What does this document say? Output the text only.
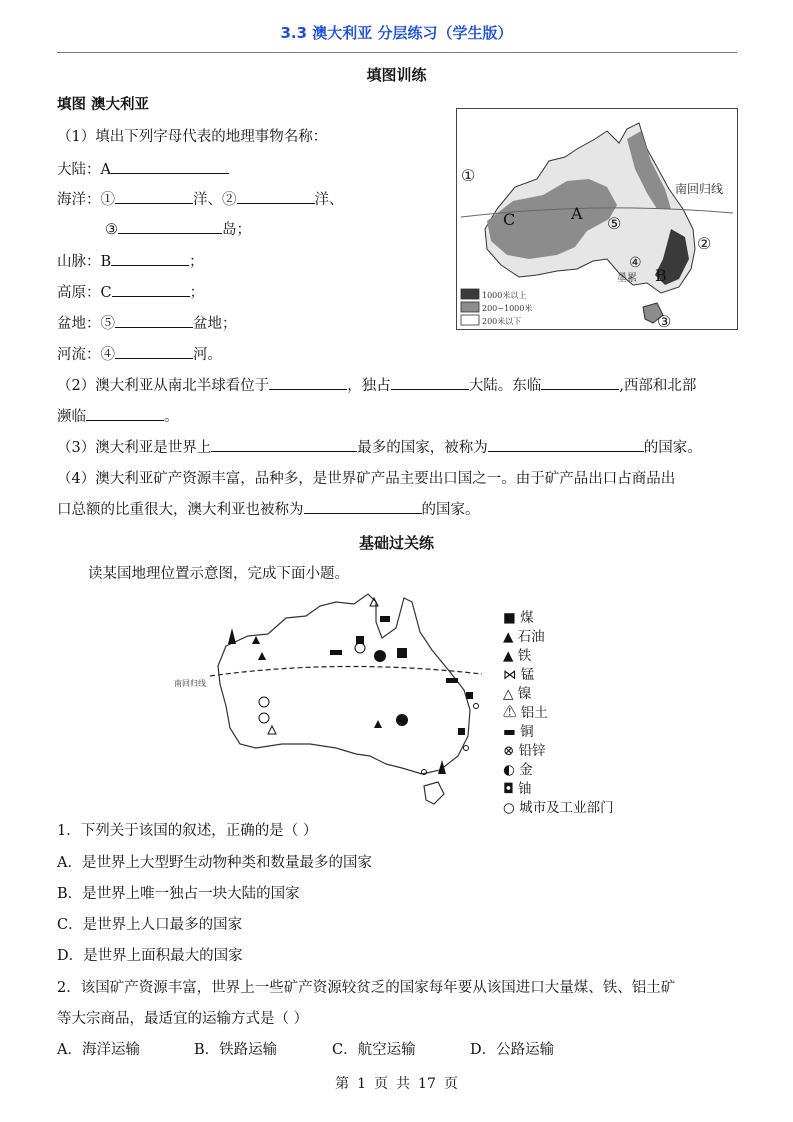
3.3 澳大利亚 分层练习（学生版）
填图训练
填图 澳大利亚
（1）填出下列字母代表的地理事物名称：
大陆：A
海洋：①	洋、②	洋、
③	岛；
山脉：B	；
高原：C	；
盆地：⑤	盆地；
河流：④	河。
南回归线
①
②
③
④
⑤
A
B
C
墨累
1000米以上
200~1000米
200米以下
（2）澳大利亚从南北半球看位于	，独占	大陆。东临	,西部和北部
濒临	。
（3）澳大利亚是世界上	最多的国家，被称为	的国家。
（4）澳大利亚矿产资源丰富，品种多，是世界矿产品主要出口国之一。由于矿产品出口占商品出
口总额的比重很大，澳大利亚也被称为	的国家。
基础过关练
读某国地理位置示意图，完成下面小题。
南回归线
■ 煤
▲ 石油
▲ 铁
⋈ 锰
△ 镍
⚠ 铝土
▬ 铜
⊗ 铅锌
◐ 金
◘ 铀
○ 城市及工业部门
1．下列关于该国的叙述，正确的是（ ）
A．是世界上大型野生动物种类和数量最多的国家
B．是世界上唯一独占一块大陆的国家
C．是世界上人口最多的国家
D．是世界上面积最大的国家
2．该国矿产资源丰富，世界上一些矿产资源较贫乏的国家每年要从该国进口大量煤、铁、铝土矿
等大宗商品，最适宜的运输方式是（ ）
A．海洋运输	B．铁路运输	C．航空运输	D．公路运输
第 1 页 共 17 页
